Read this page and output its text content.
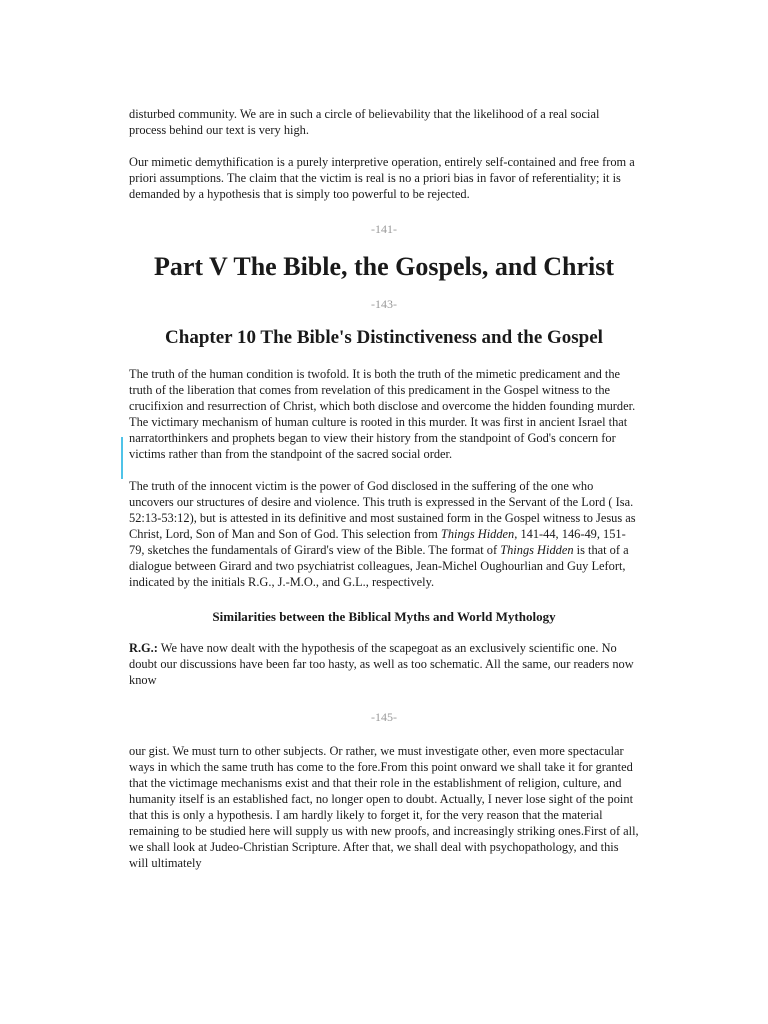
disturbed community. We are in such a circle of believability that the likelihood of a real social process behind our text is very high.

Our mimetic demythification is a purely interpretive operation, entirely self-contained and free from a priori assumptions. The claim that the victim is real is no a priori bias in favor of referentiality; it is demanded by a hypothesis that is simply too powerful to be rejected.

-141-

Part V The Bible, the Gospels, and Christ

-143-

Chapter 10 The Bible's Distinctiveness and the Gospel

The truth of the human condition is twofold. It is both the truth of the mimetic predicament and the truth of the liberation that comes from revelation of this predicament in the Gospel witness to the crucifixion and resurrection of Christ, which both disclose and overcome the hidden founding murder. The victimary mechanism of human culture is rooted in this murder. It was first in ancient Israel that narratorthinkers and prophets began to view their history from the standpoint of God's concern for victims rather than from the standpoint of the sacred social order.

The truth of the innocent victim is the power of God disclosed in the suffering of the one who uncovers our structures of desire and violence. This truth is expressed in the Servant of the Lord ( Isa. 52:13-53:12), but is attested in its definitive and most sustained form in the Gospel witness to Jesus as Christ, Lord, Son of Man and Son of God. This selection from Things Hidden, 141-44, 146-49, 151-79, sketches the fundamentals of Girard's view of the Bible. The format of Things Hidden is that of a dialogue between Girard and two psychiatrist colleagues, Jean-Michel Oughourlian and Guy Lefort, indicated by the initials R.G., J.-M.O., and G.L., respectively.

Similarities between the Biblical Myths and World Mythology

R.G.: We have now dealt with the hypothesis of the scapegoat as an exclusively scientific one. No doubt our discussions have been far too hasty, as well as too schematic. All the same, our readers now know

-145-

our gist. We must turn to other subjects. Or rather, we must investigate other, even more spectacular ways in which the same truth has come to the fore.From this point onward we shall take it for granted that the victimage mechanisms exist and that their role in the establishment of religion, culture, and humanity itself is an established fact, no longer open to doubt. Actually, I never lose sight of the point that this is only a hypothesis. I am hardly likely to forget it, for the very reason that the material remaining to be studied here will supply us with new proofs, and increasingly striking ones.First of all, we shall look at Judeo-Christian Scripture. After that, we shall deal with psychopathology, and this will ultimately
